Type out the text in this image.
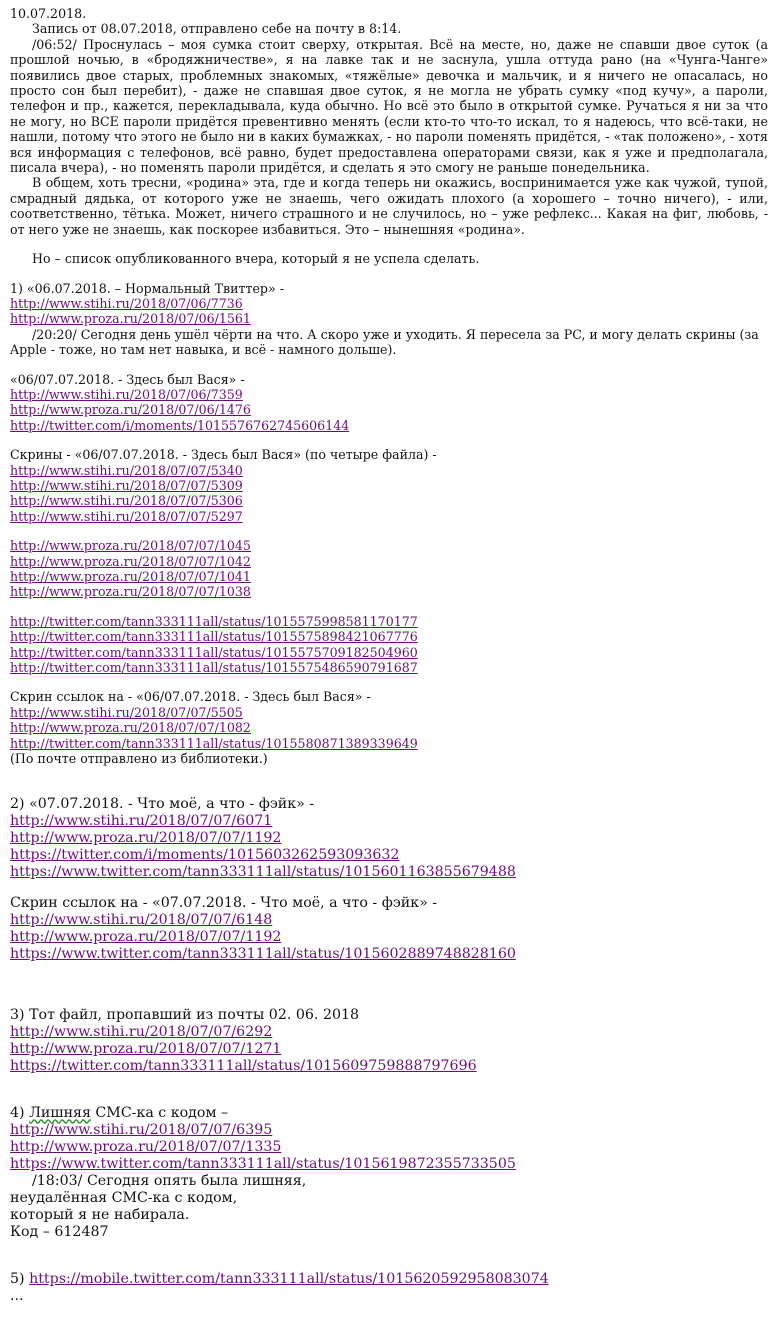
10.07.2018.

Запись от 08.07.2018, отправлено себе на почту в 8:14.

/06:52/ Проснулась – моя сумка стоит сверху, открытая. Всё на месте, но, даже не спавши двое суток (а прошлой ночью, в «бродяжничестве», я на лавке так и не заснула, ушла оттуда рано (на «Чунга-Чанге» появились двое старых, проблемных знакомых, «тяжёлые» девочка и мальчик, и я ничего не опасалась, но просто сон был перебит), - даже не спавшая двое суток, я не могла не убрать сумку «под кучу», а пароли, телефон и пр., кажется, перекладывала, куда обычно. Но всё это было в открытой сумке. Ручаться я ни за что не могу, но ВСЕ пароли придётся превентивно менять (если кто-то что-то искал, то я надеюсь, что всё-таки, не нашли, потому что этого не было ни в каких бумажках, - но пароли поменять придётся, - «так положено», - хотя вся информация с телефонов, всё равно, будет предоставлена операторами связи, как я уже и предполагала, писала вчера), - но поменять пароли придётся, и сделать я это смогу не раньше понедельника.

В общем, хоть тресни, «родина» эта, где и когда теперь ни окажись, воспринимается уже как чужой, тупой, смрадный дядька, от которого уже не знаешь, чего ожидать плохого (а хорошего – точно ничего), - или, соответственно, тётька. Может, ничего страшного и не случилось, но – уже рефлекс... Какая на фиг, любовь, - от него уже не знаешь, как поскорее избавиться. Это – нынешняя «родина».

Но – список опубликованного вчера, который я не успела сделать.

1) «06.07.2018. – Нормальный Твиттер» -

http://www.stihi.ru/2018/07/06/7736
http://www.proza.ru/2018/07/06/1561

/20:20/ Сегодня день ушёл чёрти на что. А скоро уже и уходить. Я пересела за PC, и могу делать скрины (за Apple - тоже, но там нет навыка, и всё - намного дольше).

«06/07.07.2018. - Здесь был Вася» -

http://www.stihi.ru/2018/07/06/7359
http://www.proza.ru/2018/07/06/1476
http://twitter.com/i/moments/1015576762745606144

Скрины - «06/07.07.2018. - Здесь был Вася» (по четыре файла) -

http://www.stihi.ru/2018/07/07/5340
http://www.stihi.ru/2018/07/07/5309
http://www.stihi.ru/2018/07/07/5306
http://www.stihi.ru/2018/07/07/5297
http://www.proza.ru/2018/07/07/1045
http://www.proza.ru/2018/07/07/1042
http://www.proza.ru/2018/07/07/1041
http://www.proza.ru/2018/07/07/1038
http://twitter.com/tann333111all/status/1015575998581170177
http://twitter.com/tann333111all/status/1015575898421067776
http://twitter.com/tann333111all/status/1015575709182504960
http://twitter.com/tann333111all/status/1015575486590791687

Скрин ссылок на - «06/07.07.2018. - Здесь был Вася» -

http://www.stihi.ru/2018/07/07/5505
http://www.proza.ru/2018/07/07/1082
http://twitter.com/tann333111all/status/1015580871389339649

(По почте отправлено из библиотеки.)

2) «07.07.2018. - Что моё, а что - фэйк» -

http://www.stihi.ru/2018/07/07/6071
http://www.proza.ru/2018/07/07/1192
https://twitter.com/i/moments/1015603262593093632
https://www.twitter.com/tann333111all/status/1015601163855679488

Скрин ссылок на - «07.07.2018. - Что моё, а что - фэйк» -

http://www.stihi.ru/2018/07/07/6148
http://www.proza.ru/2018/07/07/1192
https://www.twitter.com/tann333111all/status/1015602889748828160

3) Тот файл, пропавший из почты 02. 06. 2018

http://www.stihi.ru/2018/07/07/6292
http://www.proza.ru/2018/07/07/1271
https://twitter.com/tann333111all/status/1015609759888797696

4) Лишняя СМС-ка с кодом –

http://www.stihi.ru/2018/07/07/6395
http://www.proza.ru/2018/07/07/1335
https://www.twitter.com/tann333111all/status/1015619872355733505

/18:03/ Сегодня опять была лишняя,

неудалённая СМС-ка с кодом,

который я не набирала.

Код – 612487

5) https://mobile.twitter.com/tann333111all/status/1015620592958083074

...
